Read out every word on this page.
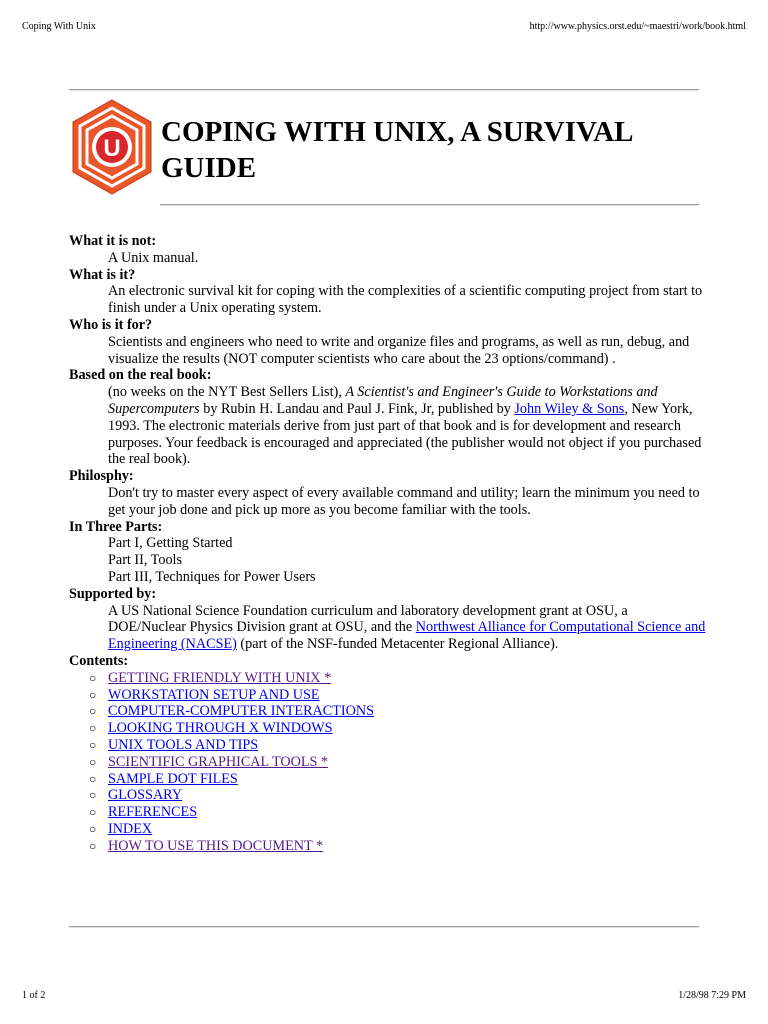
Coping With Unix	http://www.physics.orst.edu/~maestri/work/book.html
U
COPING WITH UNIX, A SURVIVAL GUIDE
What it is not:
A Unix manual.
What is it?
An electronic survival kit for coping with the complexities of a scientific computing project from start to finish under a Unix operating system.
Who is it for?
Scientists and engineers who need to write and organize files and programs, as well as run, debug, and visualize the results (NOT computer scientists who care about the 23 options/command) .
Based on the real book:
(no weeks on the NYT Best Sellers List), A Scientist's and Engineer's Guide to Workstations and Supercomputers by Rubin H. Landau and Paul J. Fink, Jr, published by John Wiley & Sons, New York, 1993. The electronic materials derive from just part of that book and is for development and research purposes. Your feedback is encouraged and appreciated (the publisher would not object if you purchased the real book).
Philosphy:
Don't try to master every aspect of every available command and utility; learn the minimum you need to get your job done and pick up more as you become familiar with the tools.
In Three Parts:
Part I, Getting Started
Part II, Tools
Part III, Techniques for Power Users
Supported by:
A US National Science Foundation curriculum and laboratory development grant at OSU, a DOE/Nuclear Physics Division grant at OSU, and the Northwest Alliance for Computational Science and Engineering (NACSE) (part of the NSF-funded Metacenter Regional Alliance).
Contents:
○ GETTING FRIENDLY WITH UNIX *
○ WORKSTATION SETUP AND USE
○ COMPUTER-COMPUTER INTERACTIONS
○ LOOKING THROUGH X WINDOWS
○ UNIX TOOLS AND TIPS
○ SCIENTIFIC GRAPHICAL TOOLS *
○ SAMPLE DOT FILES
○ GLOSSARY
○ REFERENCES
○ INDEX
○ HOW TO USE THIS DOCUMENT *
1 of 2	1/28/98 7:29 PM
